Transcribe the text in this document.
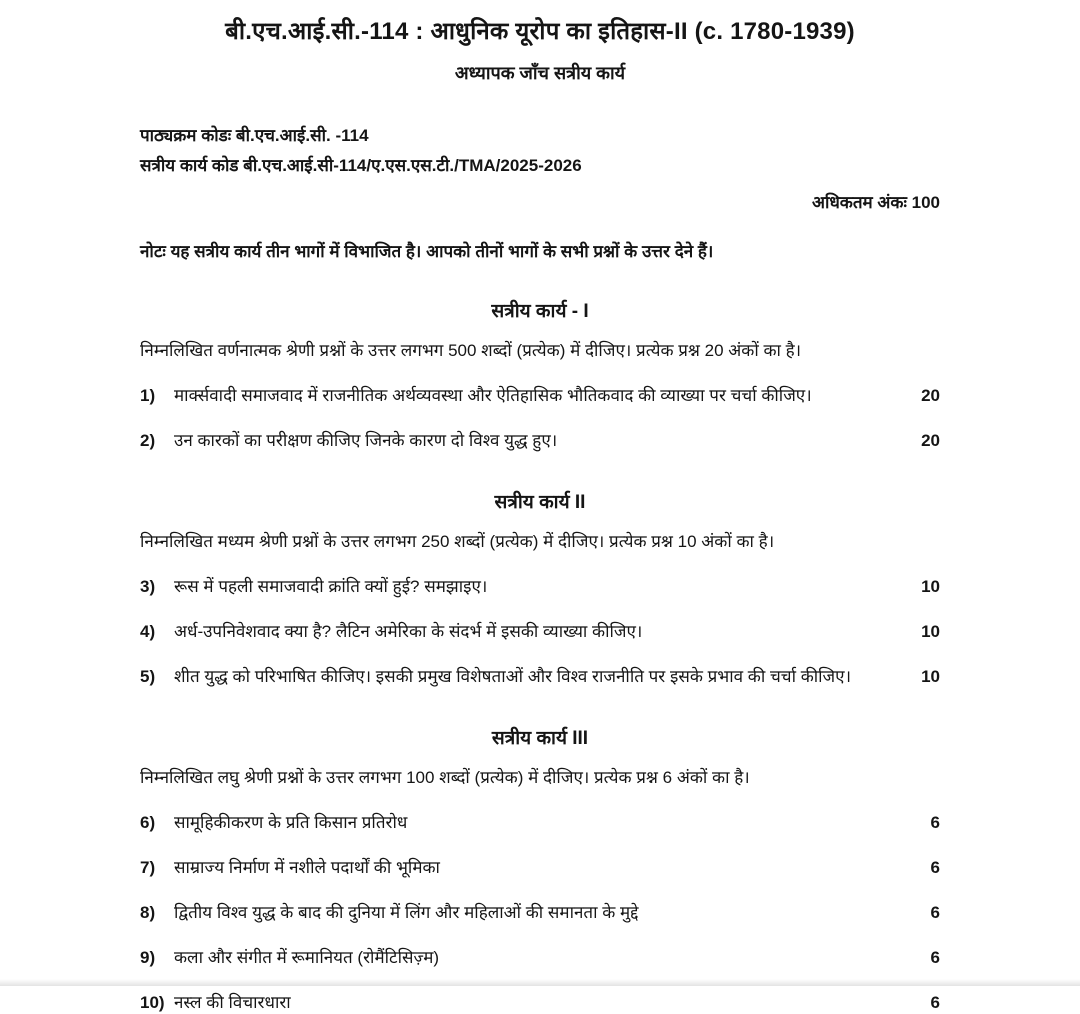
बी.एच.आई.सी.-114 : आधुनिक यूरोप का इतिहास-II (c. 1780-1939)
अध्यापक जाँच सत्रीय कार्य
पाठ्यक्रम कोडः बी.एच.आई.सी. -114
सत्रीय कार्य कोड बी.एच.आई.सी-114/ए.एस.एस.टी./TMA/2025-2026
अधिकतम अंकः 100
नोटः यह सत्रीय कार्य तीन भागों में विभाजित है। आपको तीनों भागों के सभी प्रश्नों के उत्तर देने हैं।
सत्रीय कार्य - I
निम्नलिखित वर्णनात्मक श्रेणी प्रश्नों के उत्तर लगभग 500 शब्दों (प्रत्येक) में दीजिए। प्रत्येक प्रश्न 20 अंकों का है।
1)	मार्क्सवादी समाजवाद में राजनीतिक अर्थव्यवस्था और ऐतिहासिक भौतिकवाद की व्याख्या पर चर्चा कीजिए।	20
2)	उन कारकों का परीक्षण कीजिए जिनके कारण दो विश्व युद्ध हुए।	20
सत्रीय कार्य II
निम्नलिखित मध्यम श्रेणी प्रश्नों के उत्तर लगभग 250 शब्दों (प्रत्येक) में दीजिए। प्रत्येक प्रश्न 10 अंकों का है।
3)	रूस में पहली समाजवादी क्रांति क्यों हुई? समझाइए।	10
4)	अर्ध-उपनिवेशवाद क्या है? लैटिन अमेरिका के संदर्भ में इसकी व्याख्या कीजिए।	10
5)	शीत युद्ध को परिभाषित कीजिए। इसकी प्रमुख विशेषताओं और विश्व राजनीति पर इसके प्रभाव की चर्चा कीजिए।	10
सत्रीय कार्य III
निम्नलिखित लघु श्रेणी प्रश्नों के उत्तर लगभग 100 शब्दों (प्रत्येक) में दीजिए। प्रत्येक प्रश्न 6 अंकों का है।
6)	सामूहिकीकरण के प्रति किसान प्रतिरोध	6
7)	साम्राज्य निर्माण में नशीले पदार्थों की भूमिका	6
8)	द्वितीय विश्व युद्ध के बाद की दुनिया में लिंग और महिलाओं की समानता के मुद्दे	6
9)	कला और संगीत में रूमानियत (रोमैंटिसिज़्म)	6
10) नस्ल की विचारधारा	6
